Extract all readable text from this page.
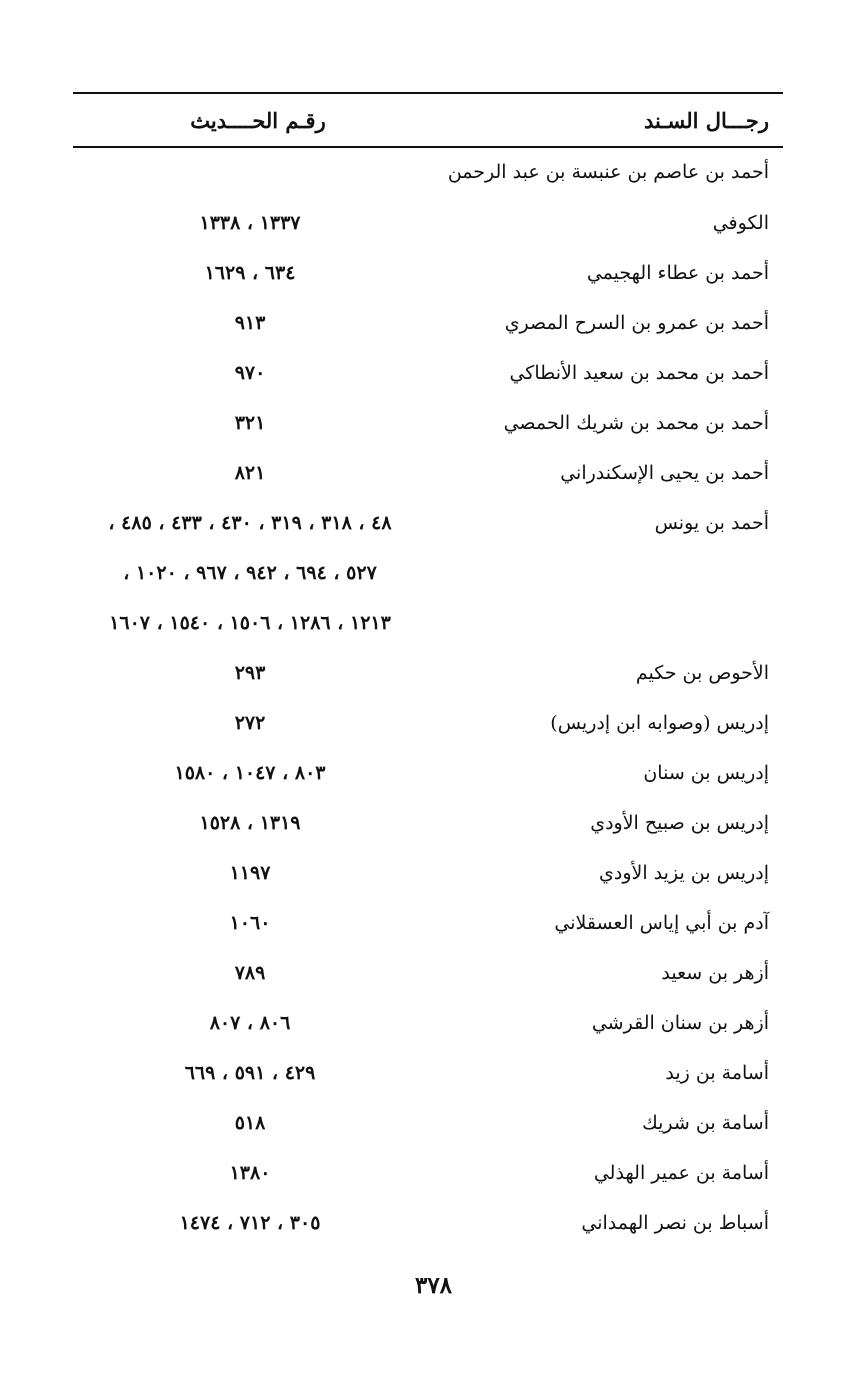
رجـــال السـند
رقـم الحــــديث
أحمد بن عاصم بن عنبسة بن عبد الرحمن
الكوفي
١٣٣٧ ، ١٣٣٨
أحمد بن عطاء الهجيمي
٦٣٤ ، ١٦٢٩
أحمد بن عمرو بن السرح المصري
٩١٣
أحمد بن محمد بن سعيد الأنطاكي
٩٧٠
أحمد بن محمد بن شريك الحمصي
٣٢١
أحمد بن يحيى الإسكندراني
٨٢١
أحمد بن يونس
٤٨ ، ٣١٨ ، ٣١٩ ، ٤٣٠ ، ٤٣٣ ، ٤٨٥ ،
٥٢٧ ، ٦٩٤ ، ٩٤٢ ، ٩٦٧ ، ١٠٢٠ ،
١٢١٣ ، ١٢٨٦ ، ١٥٠٦ ، ١٥٤٠ ، ١٦٠٧
الأحوص بن حكيم
٢٩٣
إدريس (وصوابه ابن إدريس)
٢٧٢
إدريس بن سنان
٨٠٣ ، ١٠٤٧ ، ١٥٨٠
إدريس بن صبيح الأودي
١٣١٩ ، ١٥٢٨
إدريس بن يزيد الأودي
١١٩٧
آدم بن أبي إياس العسقلاني
١٠٦٠
أزهر بن سعيد
٧٨٩
أزهر بن سنان القرشي
٨٠٦ ، ٨٠٧
أسامة بن زيد
٤٢٩ ، ٥٩١ ، ٦٦٩
أسامة بن شريك
٥١٨
أسامة بن عمير الهذلي
١٣٨٠
أسباط بن نصر الهمداني
٣٠٥ ، ٧١٢ ، ١٤٧٤
٣٧٨
